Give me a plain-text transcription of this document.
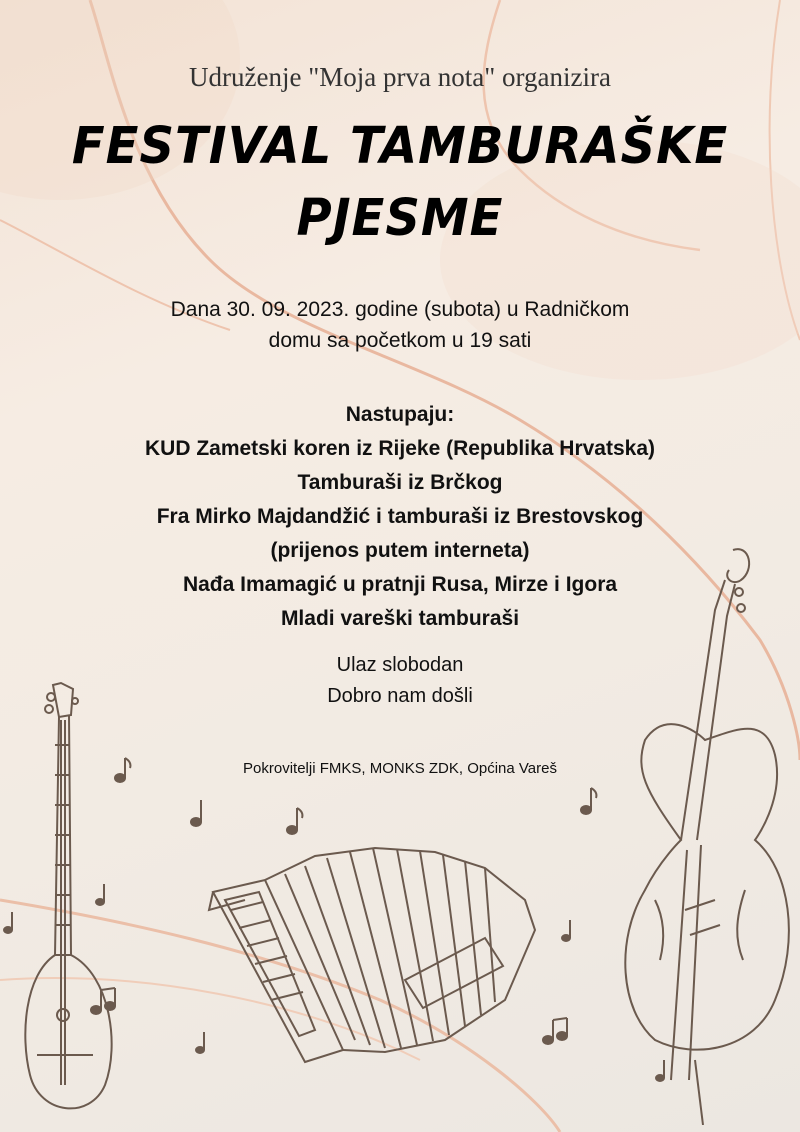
Udruženje "Moja prva nota" organizira
FESTIVAL TAMBURAŠKE
PJESME
Dana 30. 09. 2023. godine (subota) u Radničkom
domu sa početkom u 19 sati
Nastupaju:
KUD Zametski koren iz Rijeke (Republika Hrvatska)
Tamburaši iz Brčkog
Fra Mirko Majdandžić i tamburaši iz Brestovskog
(prijenos putem interneta)
Nađa Imamagić u pratnji Rusa, Mirze i Igora
Mladi vareški tamburaši
Ulaz slobodan
Dobro nam došli
Pokrovitelji FMKS, MONKS ZDK, Općina Vareš
